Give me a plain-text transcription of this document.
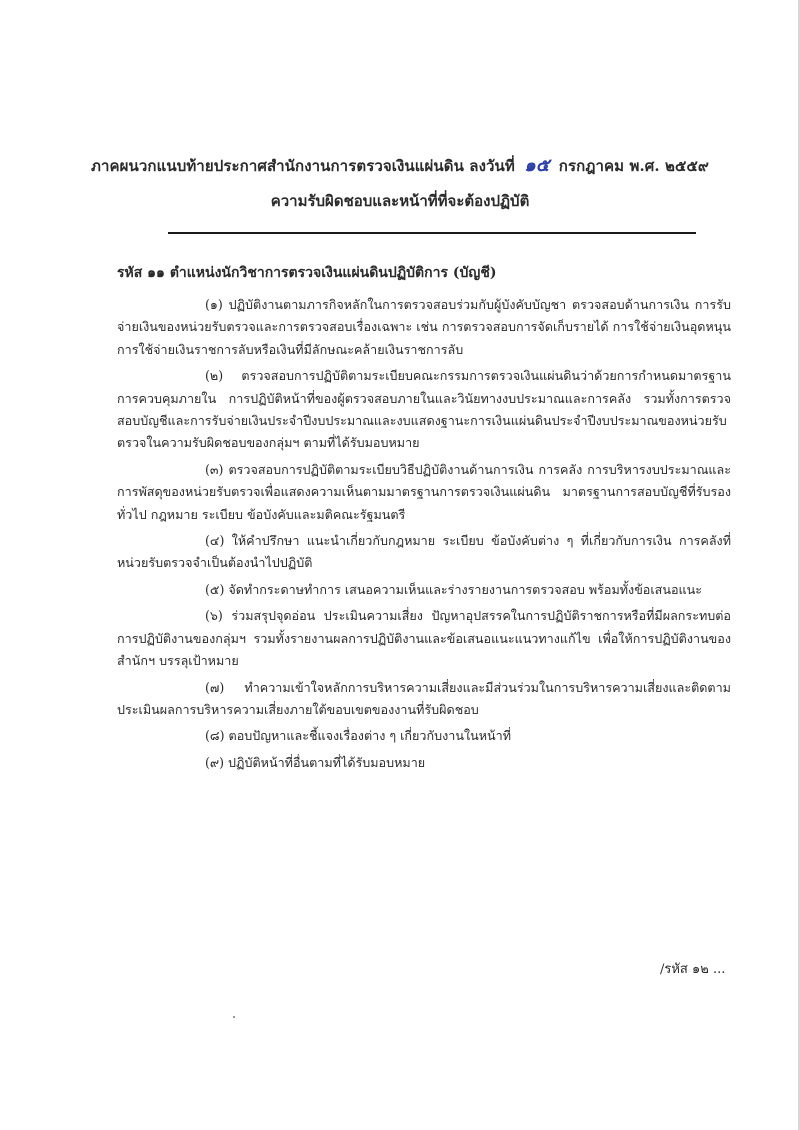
ภาคผนวกแนบท้ายประกาศสำนักงานการตรวจเงินแผ่นดิน ลงวันที่ ๑๕ กรกฎาคม พ.ศ. ๒๕๕๙
ความรับผิดชอบและหน้าที่ที่จะต้องปฏิบัติ
รหัส ๑๑ ตำแหน่งนักวิชาการตรวจเงินแผ่นดินปฏิบัติการ (บัญชี)

(๑) ปฏิบัติงานตามภารกิจหลักในการตรวจสอบร่วมกับผู้บังคับบัญชา ตรวจสอบด้านการเงิน การรับจ่ายเงินของหน่วยรับตรวจและการตรวจสอบเรื่องเฉพาะ เช่น การตรวจสอบการจัดเก็บรายได้ การใช้จ่ายเงินอุดหนุน การใช้จ่ายเงินราชการลับหรือเงินที่มีลักษณะคล้ายเงินราชการลับ

(๒) ตรวจสอบการปฏิบัติตามระเบียบคณะกรรมการตรวจเงินแผ่นดินว่าด้วยการกำหนดมาตรฐานการควบคุมภายใน การปฏิบัติหน้าที่ของผู้ตรวจสอบภายในและวินัยทางงบประมาณและการคลัง รวมทั้งการตรวจสอบบัญชีและการรับจ่ายเงินประจำปีงบประมาณและงบแสดงฐานะการเงินแผ่นดินประจำปีงบประมาณของหน่วยรับตรวจในความรับผิดชอบของกลุ่มฯ ตามที่ได้รับมอบหมาย

(๓) ตรวจสอบการปฏิบัติตามระเบียบวิธีปฏิบัติงานด้านการเงิน การคลัง การบริหารงบประมาณและการพัสดุของหน่วยรับตรวจเพื่อแสดงความเห็นตามมาตรฐานการตรวจเงินแผ่นดิน มาตรฐานการสอบบัญชีที่รับรองทั่วไป กฎหมาย ระเบียบ ข้อบังคับและมติคณะรัฐมนตรี

(๔) ให้คำปรึกษา แนะนำเกี่ยวกับกฎหมาย ระเบียบ ข้อบังคับต่าง ๆ ที่เกี่ยวกับการเงิน การคลังที่หน่วยรับตรวจจำเป็นต้องนำไปปฏิบัติ

(๕) จัดทำกระดาษทำการ เสนอความเห็นและร่างรายงานการตรวจสอบ พร้อมทั้งข้อเสนอแนะ

(๖) ร่วมสรุปจุดอ่อน ประเมินความเสี่ยง ปัญหาอุปสรรคในการปฏิบัติราชการหรือที่มีผลกระทบต่อการปฏิบัติงานของกลุ่มฯ รวมทั้งรายงานผลการปฏิบัติงานและข้อเสนอแนะแนวทางแก้ไข เพื่อให้การปฏิบัติงานของสำนักฯ บรรลุเป้าหมาย

(๗) ทำความเข้าใจหลักการบริหารความเสี่ยงและมีส่วนร่วมในการบริหารความเสี่ยงและติดตามประเมินผลการบริหารความเสี่ยงภายใต้ขอบเขตของงานที่รับผิดชอบ

(๘) ตอบปัญหาและชี้แจงเรื่องต่าง ๆ เกี่ยวกับงานในหน้าที่

(๙) ปฏิบัติหน้าที่อื่นตามที่ได้รับมอบหมาย

/รหัส ๑๒ ...
